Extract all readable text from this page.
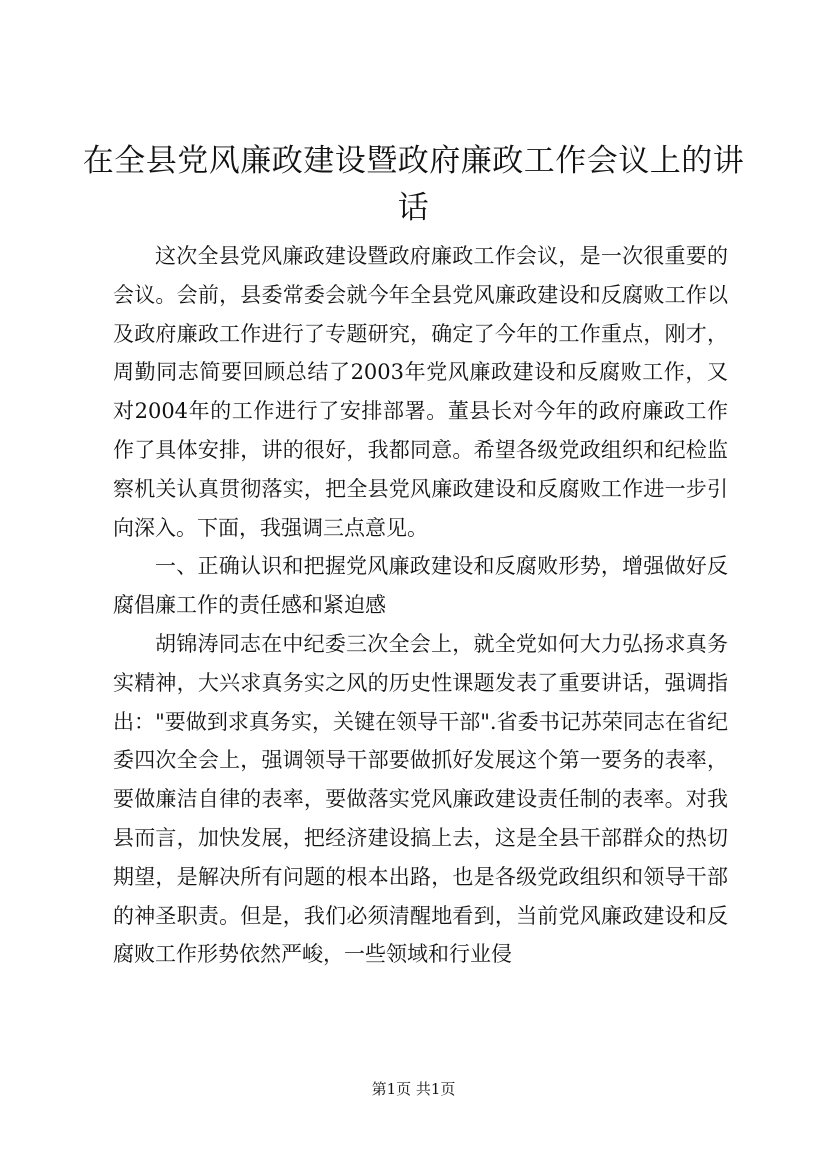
在全县党风廉政建设暨政府廉政工作会议上的讲话

这次全县党风廉政建设暨政府廉政工作会议，是一次很重要的会议。会前，县委常委会就今年全县党风廉政建设和反腐败工作以及政府廉政工作进行了专题研究，确定了今年的工作重点，刚才，周勤同志简要回顾总结了2003年党风廉政建设和反腐败工作，又对2004年的工作进行了安排部署。董县长对今年的政府廉政工作作了具体安排，讲的很好，我都同意。希望各级党政组织和纪检监察机关认真贯彻落实，把全县党风廉政建设和反腐败工作进一步引向深入。下面，我强调三点意见。

一、正确认识和把握党风廉政建设和反腐败形势，增强做好反腐倡廉工作的责任感和紧迫感

胡锦涛同志在中纪委三次全会上，就全党如何大力弘扬求真务实精神，大兴求真务实之风的历史性课题发表了重要讲话，强调指出："要做到求真务实，关键在领导干部".省委书记苏荣同志在省纪委四次全会上，强调领导干部要做抓好发展这个第一要务的表率，要做廉洁自律的表率，要做落实党风廉政建设责任制的表率。对我县而言，加快发展，把经济建设搞上去，这是全县干部群众的热切期望，是解决所有问题的根本出路，也是各级党政组织和领导干部的神圣职责。但是，我们必须清醒地看到，当前党风廉政建设和反腐败工作形势依然严峻，一些领域和行业侵

第1页 共1页
